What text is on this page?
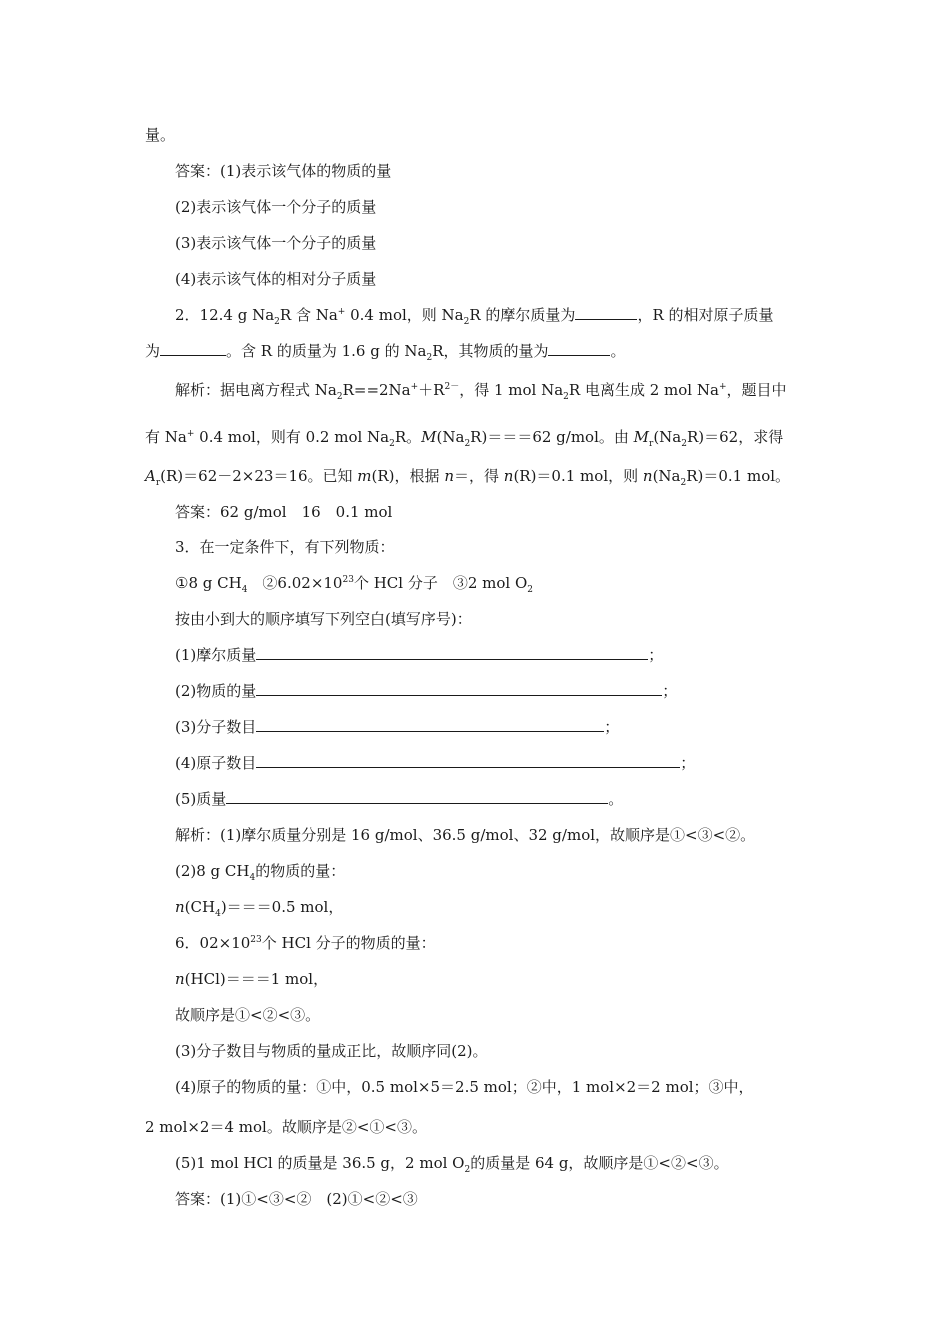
量。
答案：(1)表示该气体的物质的量
(2)表示该气体一个分子的质量
(3)表示该气体一个分子的质量
(4)表示该气体的相对分子质量
2．12.4 g $Na_2R$ 含 Na+ 0.4 mol，则 $Na_2R$ 的摩尔质量为	，R 的相对原子质量
为	。含 R 的质量为 1.6 g 的 $Na_2R$，其物质的量为	。
解析：据电离方程式 $Na_2R==2Na^++R^{2-}$，得 1 mol $Na_2R$ 电离生成 2 mol Na+，题目中
有 Na+ 0.4 mol，则有 0.2 mol $Na_2R$。$M(Na_2R)===62$ g/mol。由 $M_r(Na_2R)=62$，求得
$A_r(R)=62-2\times 23=16$。已知 m(R)，根据 n＝，得 n(R)＝0.1 mol，则 $n(Na_2R)=0.1$ mol。
答案：62 g/mol　16　0.1 mol
3．在一定条件下，有下列物质：
①8 g $CH_4$　$②6.02\times 10^{23}$个 HCl 分子　③2 mol $O_2$
按由小到大的顺序填写下列空白(填写序号)：
(1)摩尔质量	；
(2)物质的量	；
(3)分子数目	；
(4)原子数目	；
(5)质量	。
解析：(1)摩尔质量分别是 16 g/mol、36.5 g/mol、32 g/mol，故顺序是①<③<②。
(2)8 g $CH_4$的物质的量：
$n(CH_4)===0.5$ mol，
6．$02\times 10^{23}$个 HCl 分子的物质的量：
n(HCl)＝＝＝1 mol，
故顺序是①<②<③。
(3)分子数目与物质的量成正比，故顺序同(2)。
(4)原子的物质的量：①中，0.5 mol×5＝2.5 mol；②中，1 mol×2＝2 mol；③中，
2 mol×2＝4 mol。故顺序是②<①<③。
(5)1 mol HCl 的质量是 36.5 g，2 mol $O_2$的质量是 64 g，故顺序是①<②<③。
答案：(1)①<③<②　(2)①<②<③
